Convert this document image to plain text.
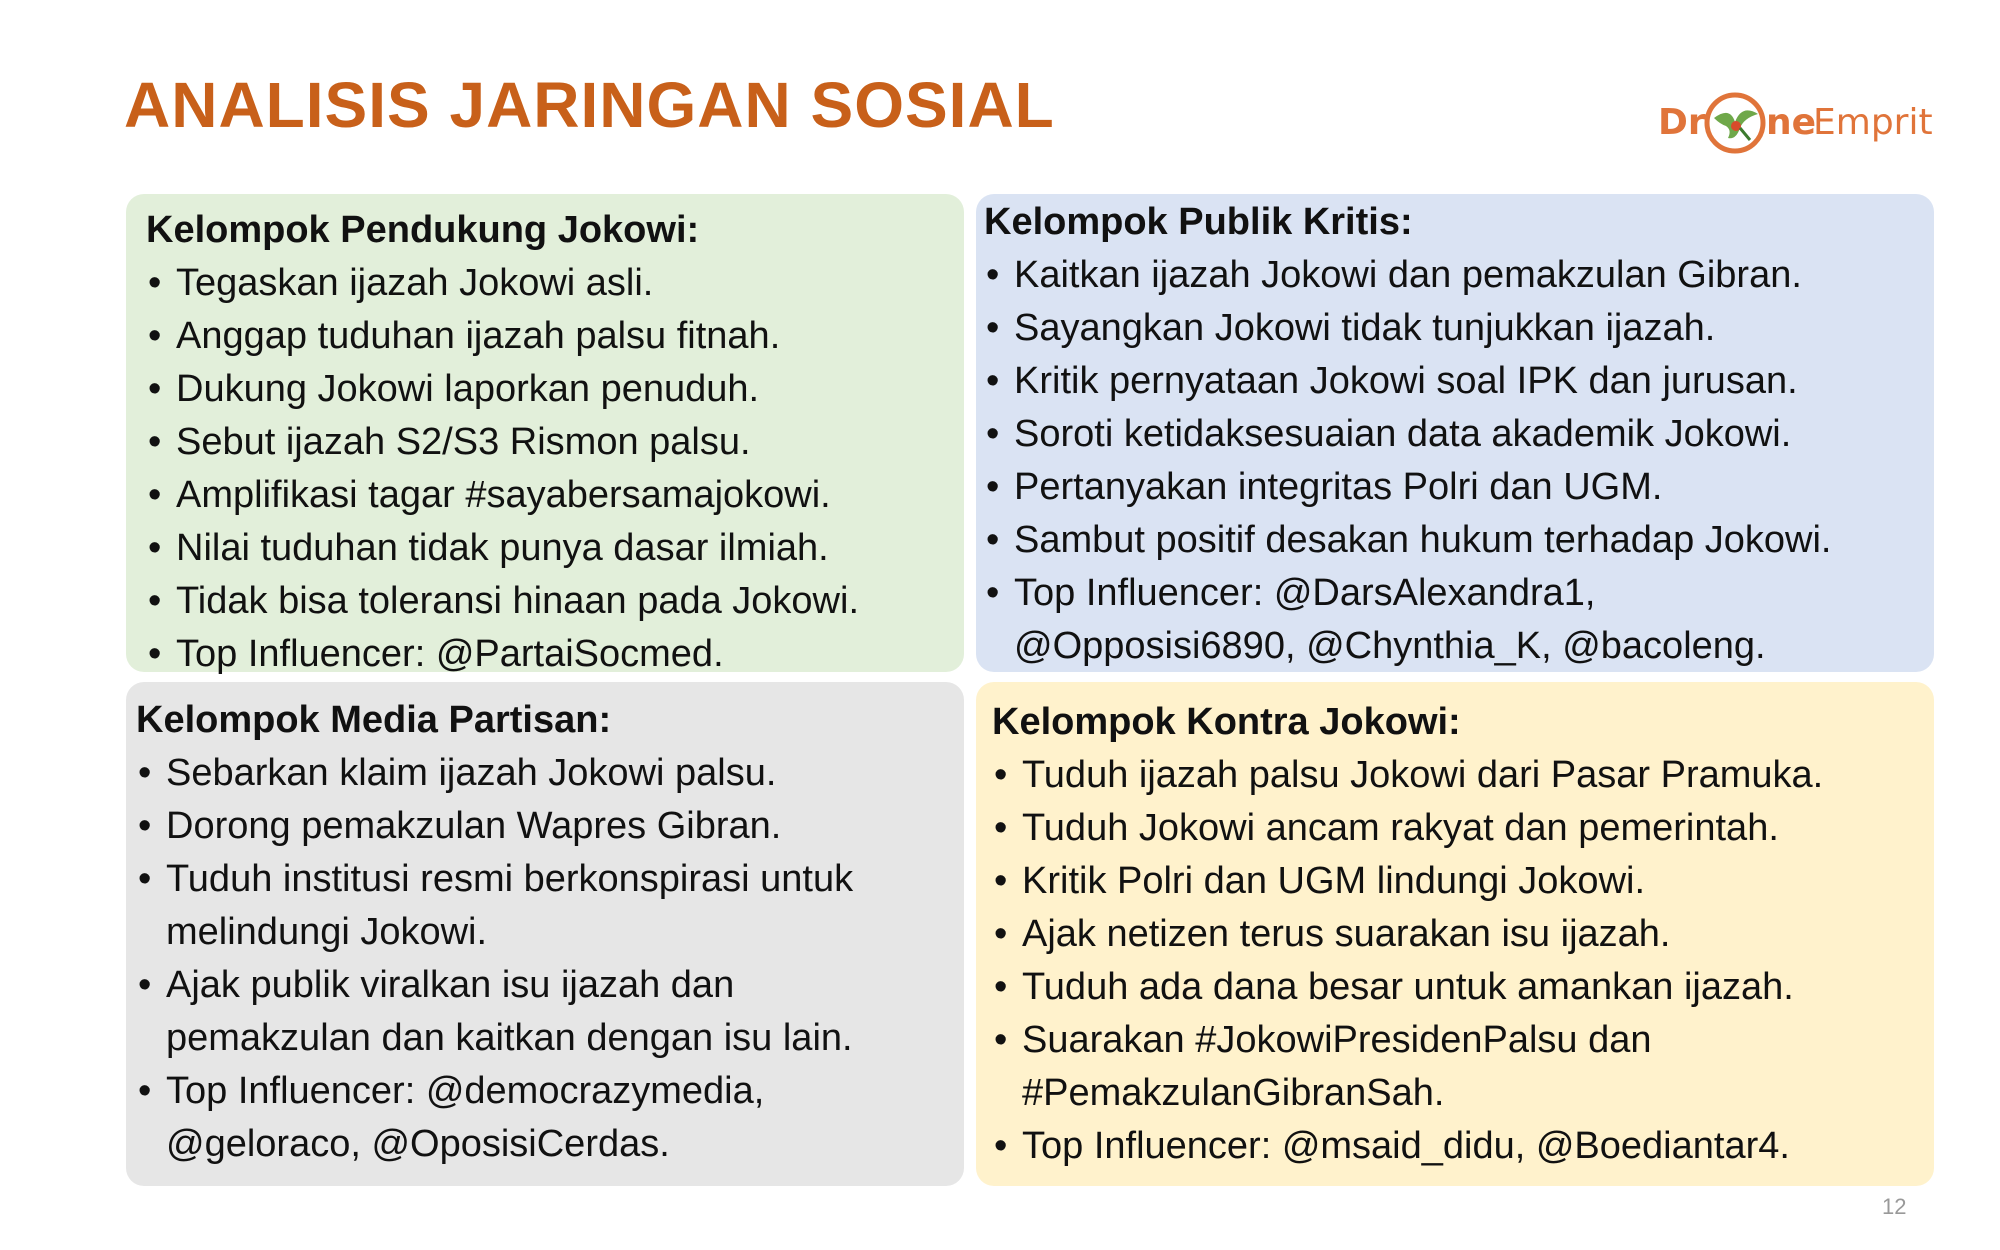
ANALISIS JARINGAN SOSIAL	Dr ne
Emprit
Kelompok Pendukung Jokowi:
• Tegaskan ijazah Jokowi asli.
• Anggap tuduhan ijazah palsu fitnah.
• Dukung Jokowi laporkan penuduh.
• Sebut ijazah S2/S3 Rismon palsu.
• Amplifikasi tagar #sayabersamajokowi.
• Nilai tuduhan tidak punya dasar ilmiah.
• Tidak bisa toleransi hinaan pada Jokowi.
• Top Influencer: @PartaiSocmed.
Kelompok Publik Kritis:
• Kaitkan ijazah Jokowi dan pemakzulan Gibran.
• Sayangkan Jokowi tidak tunjukkan ijazah.
• Kritik pernyataan Jokowi soal IPK dan jurusan.
• Soroti ketidaksesuaian data akademik Jokowi.
• Pertanyakan integritas Polri dan UGM.
• Sambut positif desakan hukum terhadap Jokowi.
• Top Influencer: @DarsAlexandra1,
@Opposisi6890, @Chynthia_K, @bacoleng.
Kelompok Media Partisan:
• Sebarkan klaim ijazah Jokowi palsu.
• Dorong pemakzulan Wapres Gibran.
• Tuduh institusi resmi berkonspirasi untuk
melindungi Jokowi.
• Ajak publik viralkan isu ijazah dan
pemakzulan dan kaitkan dengan isu lain.
• Top Influencer: @democrazymedia,
@geloraco, @OposisiCerdas.
Kelompok Kontra Jokowi:
• Tuduh ijazah palsu Jokowi dari Pasar Pramuka.
• Tuduh Jokowi ancam rakyat dan pemerintah.
• Kritik Polri dan UGM lindungi Jokowi.
• Ajak netizen terus suarakan isu ijazah.
• Tuduh ada dana besar untuk amankan ijazah.
• Suarakan #JokowiPresidenPalsu dan
#PemakzulanGibranSah.
• Top Influencer: @msaid_didu, @Boediantar4.
12
